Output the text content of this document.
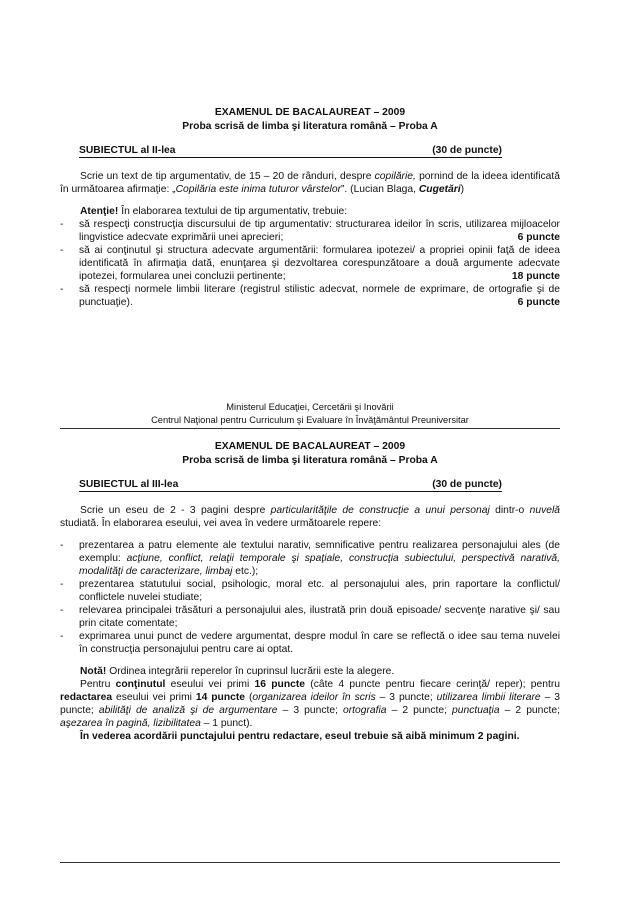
EXAMENUL DE BACALAUREAT – 2009
Proba scrisă de limba şi literatura română – Proba A
SUBIECTUL al II-lea	(30 de puncte)

Scrie un text de tip argumentativ, de 15 – 20 de rânduri, despre copilărie, pornind de la ideea identificată în următoarea afirmaţie: „Copilăria este inima tuturor vârstelor”. (Lucian Blaga, Cugetări)

Atenţie! În elaborarea textului de tip argumentativ, trebuie:

- să respecţi construcţia discursului de tip argumentativ: structurarea ideilor în scris, utilizarea mijloacelor lingvistice adecvate exprimării unei aprecieri;	6 puncte
- să ai conţinutul şi structura adecvate argumentării: formularea ipotezei/ a propriei opinii faţă de ideea identificată în afirmaţia dată, enunţarea şi dezvoltarea corespunzătoare a două argumente adecvate ipotezei, formularea unei concluzii pertinente;	18 puncte
- să respecţi normele limbii literare (registrul stilistic adecvat, normele de exprimare, de ortografie şi de punctuaţie).	6 puncte
Ministerul Educaţiei, Cercetării şi Inovării
Centrul Naţional pentru Curriculum şi Evaluare în Învăţământul Preuniversitar
EXAMENUL DE BACALAUREAT – 2009
Proba scrisă de limba şi literatura română – Proba A
SUBIECTUL al III-lea	(30 de puncte)

Scrie un eseu de 2 - 3 pagini despre particularităţile de construcţie a unui personaj dintr-o nuvelă studiată. În elaborarea eseului, vei avea în vedere următoarele repere:

- prezentarea a patru elemente ale textului narativ, semnificative pentru realizarea personajului ales (de exemplu: acţiune, conflict, relaţii temporale şi spaţiale, construcţia subiectului, perspectivă narativă, modalităţi de caracterizare, limbaj etc.);
- prezentarea statutului social, psihologic, moral etc. al personajului ales, prin raportare la conflictul/ conflictele nuvelei studiate;
- relevarea principalei trăsături a personajului ales, ilustrată prin două episoade/ secvenţe narative şi/ sau prin citate comentate;
- exprimarea unui punct de vedere argumentat, despre modul în care se reflectă o idee sau tema nuvelei în construcţia personajului pentru care ai optat.

Notă! Ordinea integrării reperelor în cuprinsul lucrării este la alegere.

Pentru conţinutul eseului vei primi 16 puncte (câte 4 puncte pentru fiecare cerinţă/ reper); pentru redactarea eseului vei primi 14 puncte (organizarea ideilor în scris – 3 puncte; utilizarea limbii literare – 3 puncte; abilităţi de analiză şi de argumentare – 3 puncte; ortografia – 2 puncte; punctuaţia – 2 puncte; aşezarea în pagină, lizibilitatea – 1 punct).

În vederea acordării punctajului pentru redactare, eseul trebuie să aibă minimum 2 pagini.
